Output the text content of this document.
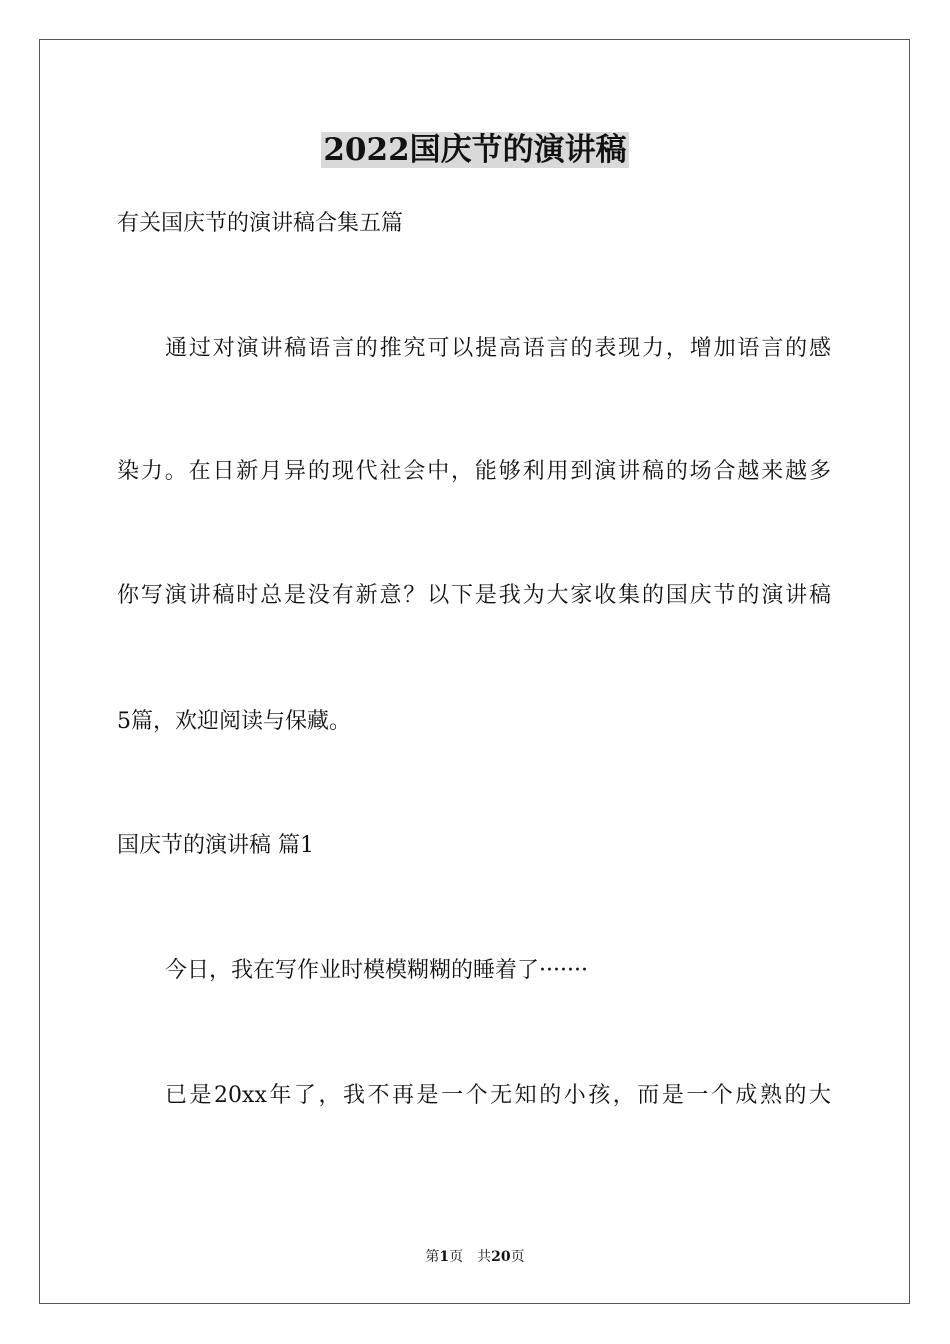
2022国庆节的演讲稿
有关国庆节的演讲稿合集五篇
通过对演讲稿语言的推究可以提高语言的表现力，增加语言的感
染力。在日新月异的现代社会中，能够利用到演讲稿的场合越来越多
你写演讲稿时总是没有新意？以下是我为大家收集的国庆节的演讲稿
5篇，欢迎阅读与保藏。
国庆节的演讲稿 篇1
今日，我在写作业时模模糊糊的睡着了·······
已是20xx年了，我不再是一个无知的小孩，而是一个成熟的大
第1页 共20页
